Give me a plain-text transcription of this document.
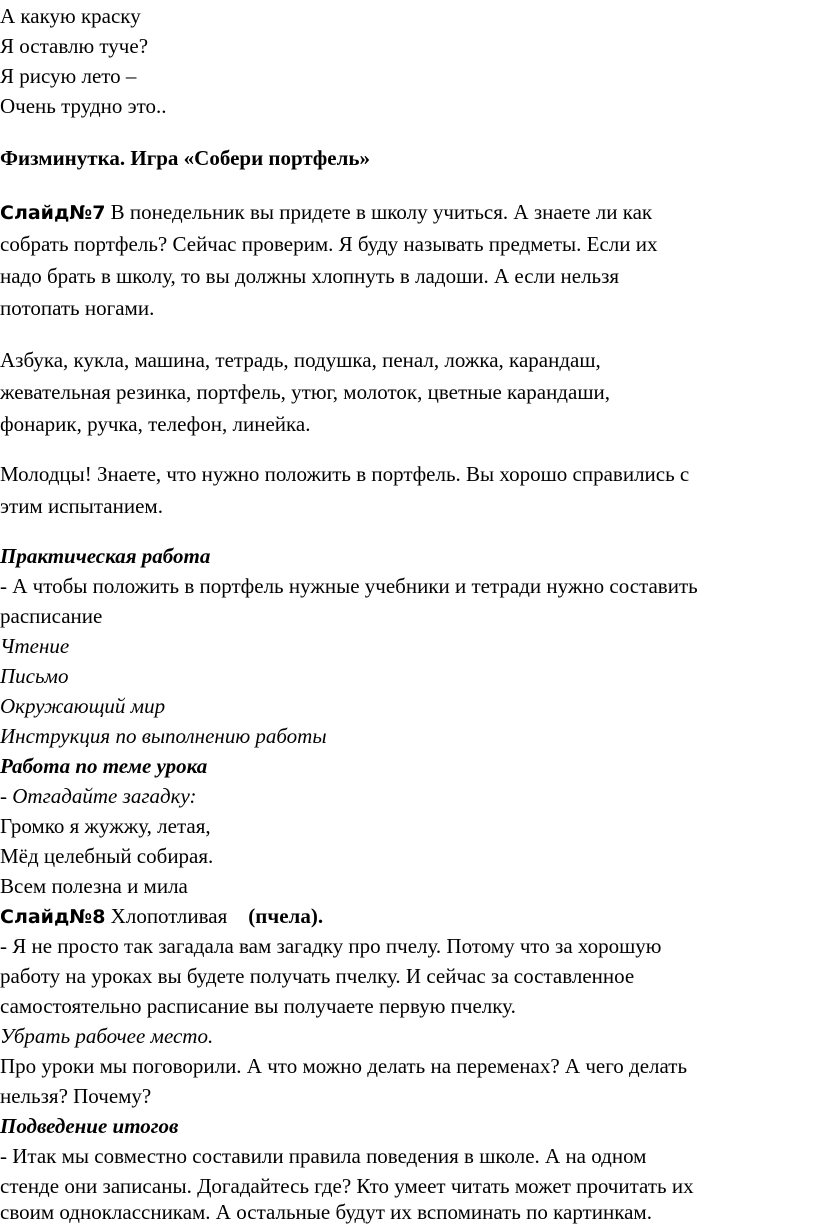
А какую краску
Я оставлю туче?
Я рисую лето –
Очень трудно это..
Физминутка. Игра «Собери портфель»
Слайд№7 В понедельник вы придете в школу учиться. А знаете ли как
собрать портфель? Сейчас проверим. Я буду называть предметы. Если их
надо брать в школу, то вы должны хлопнуть в ладоши. А если нельзя
потопать ногами.
Азбука, кукла, машина, тетрадь, подушка, пенал, ложка, карандаш,
жевательная резинка, портфель, утюг, молоток, цветные карандаши,
фонарик, ручка, телефон, линейка.
Молодцы! Знаете, что нужно положить в портфель. Вы хорошо справились с
этим испытанием.
Практическая работа
- А чтобы положить в портфель нужные учебники и тетради нужно составить
расписание
Чтение
Письмо
Окружающий мир
Инструкция по выполнению работы
Работа по теме урока
- Отгадайте загадку:
Громко я жужжу, летая,
Мёд целебный собирая.
Всем полезна и мила
Слайд№8 Хлопотливая    (пчела).
- Я не просто так загадала вам загадку про пчелу. Потому что за хорошую
работу на уроках вы будете получать пчелку. И сейчас за составленное
самостоятельно расписание вы получаете первую пчелку.
Убрать рабочее место.
Про уроки мы поговорили. А что можно делать на переменах? А чего делать
нельзя? Почему?
Подведение итогов
- Итак мы совместно составили правила поведения в школе. А на одном
стенде они записаны. Догадайтесь где? Кто умеет читать может прочитать их
своим одноклассникам. А остальные будут их вспоминать по картинкам.
